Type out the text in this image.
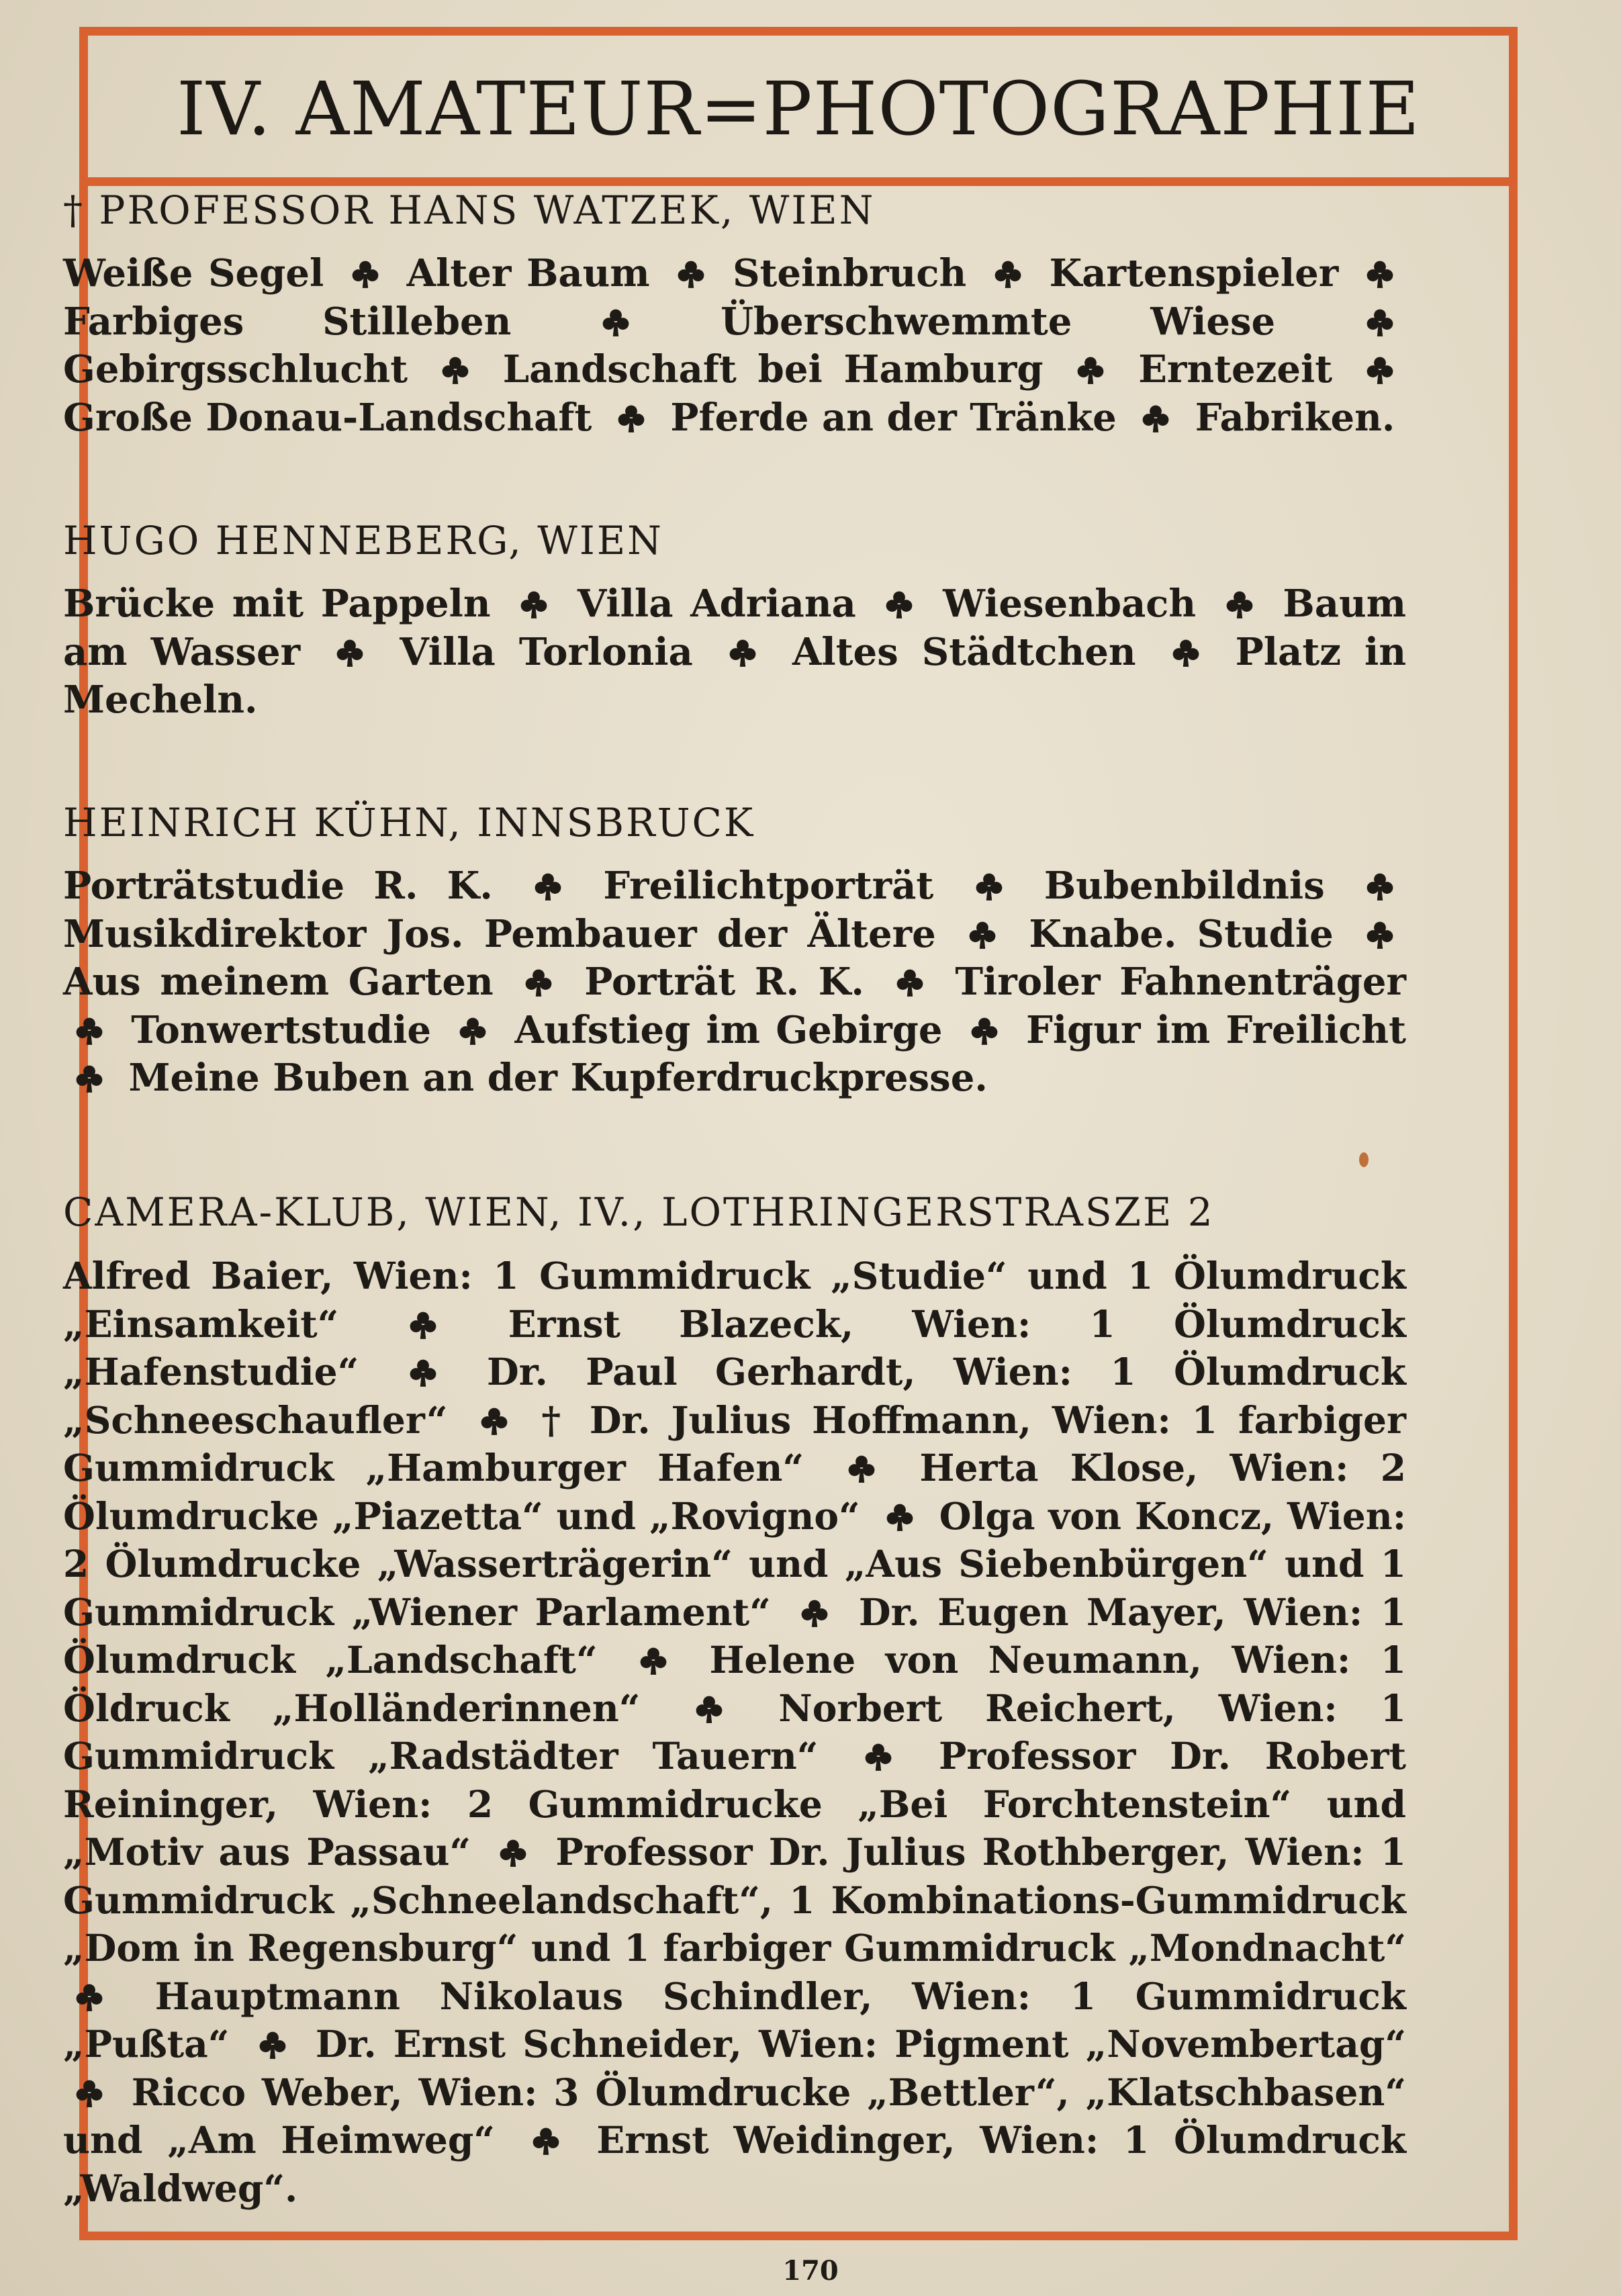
IV. AMATEUR=PHOTOGRAPHIE
† PROFESSOR HANS WATZEK, WIEN

Weiße Segel Alter Baum Steinbruch Kartenspieler
Farbiges Stilleben	Überschwemmte Wiese
Gebirgsschlucht	Landschaft bei Hamburg	Erntezeit
Große Donau-Landschaft Pferde an der Tränke Fabriken.

HUGO HENNEBERG, WIEN

Brücke mit Pappeln Villa Adriana Wiesenbach Baum am Wasser	Villa Torlonia	Altes Städtchen	Platz in Mecheln.

HEINRICH KÜHN, INNSBRUCK

Porträtstudie R. K.	Freilichtporträt	Bubenbildnis
Musikdirektor Jos. Pembauer der Ältere Knabe. Studie
Aus meinem Garten Porträt R. K. Tiroler Fahnenträger
Tonwertstudie Aufstieg im Gebirge Figur im Freilicht
Meine Buben an der Kupferdruckpresse.

CAMERA-KLUB, WIEN, IV., LOTHRINGERSTRASZE 2

Alfred Baier, Wien: 1 Gummidruck „Studie“ und 1 Ölumdruck „Einsamkeit“	Ernst Blazeck, Wien: 1 Ölumdruck „Hafenstudie“	Dr. Paul Gerhardt, Wien: 1 Ölumdruck „Schneeschaufler“	† Dr. Julius Hoffmann, Wien: 1 farbiger Gummidruck „Hamburger Hafen“	Herta Klose, Wien: 2 Ölumdrucke „Piazetta“ und „Rovigno“ Olga von Koncz, Wien: 2 Ölumdrucke „Wasserträgerin“ und „Aus Siebenbürgen“ und 1 Gummidruck „Wiener Parlament“ Dr. Eugen Mayer, Wien: 1 Ölumdruck „Landschaft“	Helene von Neumann, Wien: 1 Öldruck „Holländerinnen“	Norbert Reichert, Wien: 1 Gummidruck „Radstädter Tauern“	Professor Dr. Robert Reininger, Wien: 2 Gummidrucke „Bei Forchtenstein“ und „Motiv aus Passau“ Professor Dr. Julius Rothberger, Wien: 1 Gummidruck „Schneelandschaft“, 1 Kombinations-Gummidruck „Dom in Regensburg“ und 1 farbiger Gummidruck „Mondnacht“
Hauptmann Nikolaus Schindler, Wien: 1 Gummidruck „Pußta“ Dr. Ernst Schneider, Wien: Pigment „Novembertag“
Ricco Weber, Wien: 3 Ölumdrucke „Bettler“, „Klatschbasen“ und „Am Heimweg“	Ernst Weidinger, Wien: 1 Ölumdruck „Waldweg“.

170
